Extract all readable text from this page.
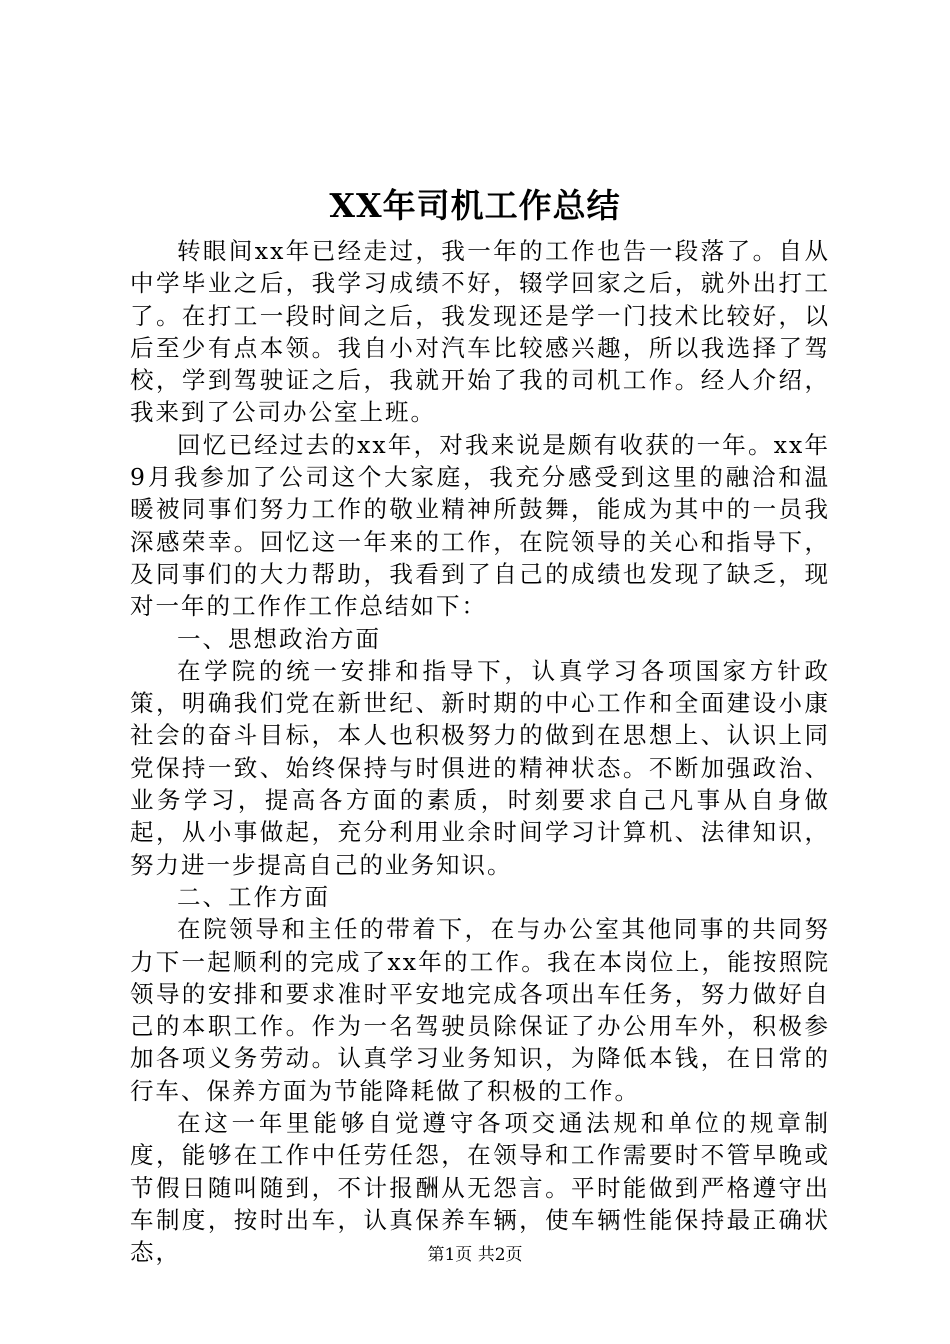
XX年司机工作总结

转眼间xx年已经走过，我一年的工作也告一段落了。自从中学毕业之后，我学习成绩不好，辍学回家之后，就外出打工了。在打工一段时间之后，我发现还是学一门技术比较好，以后至少有点本领。我自小对汽车比较感兴趣，所以我选择了驾校，学到驾驶证之后，我就开始了我的司机工作。经人介绍，我来到了公司办公室上班。

回忆已经过去的xx年，对我来说是颇有收获的一年。xx年9月我参加了公司这个大家庭，我充分感受到这里的融洽和温暖被同事们努力工作的敬业精神所鼓舞，能成为其中的一员我深感荣幸。回忆这一年来的工作，在院领导的关心和指导下，及同事们的大力帮助，我看到了自己的成绩也发现了缺乏，现对一年的工作作工作总结如下：

一、思想政治方面

在学院的统一安排和指导下，认真学习各项国家方针政策，明确我们党在新世纪、新时期的中心工作和全面建设小康社会的奋斗目标，本人也积极努力的做到在思想上、认识上同党保持一致、始终保持与时俱进的精神状态。不断加强政治、业务学习，提高各方面的素质，时刻要求自己凡事从自身做起，从小事做起，充分利用业余时间学习计算机、法律知识，努力进一步提高自己的业务知识。

二、工作方面

在院领导和主任的带着下，在与办公室其他同事的共同努力下一起顺利的完成了xx年的工作。我在本岗位上，能按照院领导的安排和要求准时平安地完成各项出车任务，努力做好自己的本职工作。作为一名驾驶员除保证了办公用车外，积极参加各项义务劳动。认真学习业务知识，为降低本钱，在日常的行车、保养方面为节能降耗做了积极的工作。

在这一年里能够自觉遵守各项交通法规和单位的规章制度，能够在工作中任劳任怨，在领导和工作需要时不管早晚或节假日随叫随到，不计报酬从无怨言。平时能做到严格遵守出车制度，按时出车，认真保养车辆，使车辆性能保持最正确状态，	第1页 共2页
